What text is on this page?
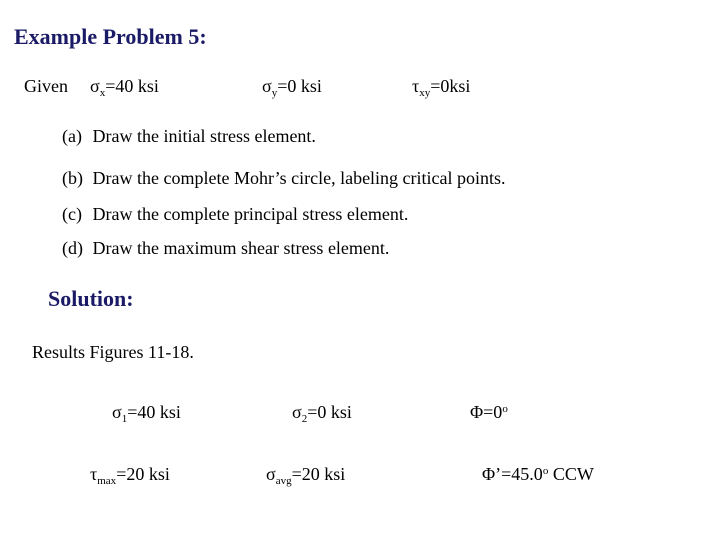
Example Problem 5:
Given $\sigma_x=40$ ksi	$\sigma_y=0$ ksi	$\tau_{xy}=0ksi$
(a) Draw the initial stress element.
(b) Draw the complete Mohr’s circle, labeling critical points.
(c) Draw the complete principal stress element.
(d) Draw the maximum shear stress element.
Solution:
Results Figures 11-18.
$\sigma_1=40$ ksi	$\sigma_2=0$ ksi	$\Phi=0^o$
$\tau_{max}=20$ ksi	$\sigma_{avg}=20$ ksi	$\Phi’=45.0^o$ CCW
